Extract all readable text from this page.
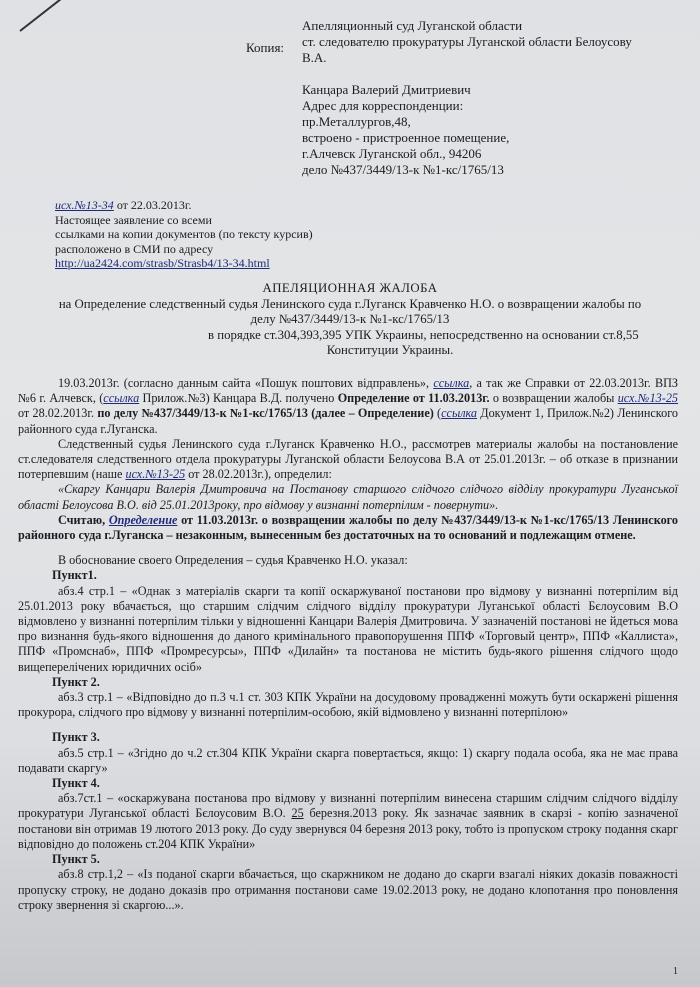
Копия:
Апелляционный суд Луганской области
ст. следователю прокуратуры Луганской области Белоусову
В.А.
Канцара Валерий Дмитриевич
Адрес для корреспонденции:
пр.Металлургов,48,
встроено - пристроенное помещение,
г.Алчевск Луганской обл., 94206
дело №437/3449/13-к №1-кс/1765/13
исх.№13-34 от 22.03.2013г.
Настоящее заявление со всеми
ссылками на копии документов (по тексту курсив)
расположено в СМИ по адресу
http://ua2424.com/strasb/Strasb4/13-34.html
АПЕЛЯЦИОННАЯ ЖАЛОБА
на Определение следственный судья Ленинского суда г.Луганск Кравченко Н.О. о возвращении жалобы по
делу №437/3449/13-к №1-кс/1765/13
в порядке ст.304,393,395 УПК Украины, непосредственно на основании ст.8,55
Конституции Украины.

19.03.2013г. (согласно данным сайта «Пошук поштових відправлень», ссылка, а так же Справки от 22.03.2013г. ВПЗ №6 г. Алчевск, (ссылка Прилож.№3) Канцара В.Д. получено Определение от 11.03.2013г. о возвращении жалобы исх.№13-25 от 28.02.2013г. по делу №437/3449/13-к №1-кс/1765/13 (далее – Определение) (ссылка Документ 1, Прилож.№2) Ленинского районного суда г.Луганска.

Следственный судья Ленинского суда г.Луганск Кравченко Н.О., рассмотрев материалы жалобы на постановление ст.следователя следственного отдела прокуратуры Луганской области Белоусова В.А от 25.01.2013г. – об отказе в признании потерпевшим (наше исх.№13-25 от 28.02.2013г.), определил:

«Скаргу Канцари Валерія Дмитровича на Постанову старшого слідчого слідчого відділу прокуратури Луганської області Белоусова В.О. від 25.01.2013року, про відмову у визнанні потерпілим - повернути».

Считаю, Определение от 11.03.2013г. о возвращении жалобы по делу №437/3449/13-к №1-кс/1765/13 Ленинского районного суда г.Луганска – незаконным, вынесенным без достаточных на то оснований и подлежащим отмене.

В обоснование своего Определения – судья Кравченко Н.О. указал:

Пункт1.

абз.4 стр.1 – «Однак з матеріалів скарги та копії оскаржуваної постанови про відмову у визнанні потерпілим від 25.01.2013 року вбачається, що старшим слідчим слідчого відділу прокуратури Луганської області Бєлоусовим В.О відмовлено у визнанні потерпілим тільки у відношенні Канцари Валерія Дмитровича. У зазначеній постанові не йдеться мова про визнання будь-якого відношення до даного кримінального правопорушення ППФ «Торговый центр», ППФ «Каллиста», ППФ «Промснаб», ППФ «Промресурсы», ППФ «Дилайн» та постанова не містить будь-якого рішення слідчого щодо вищеперелічених юридичних осіб»

Пункт 2.

абз.3 стр.1 – «Відповідно до п.3 ч.1 ст. 303 КПК України на досудовому провадженні можуть бути оскаржені рішення прокурора, слідчого про відмову у визнанні потерпілим-особою, якій відмовлено у визнанні потерпілою»

Пункт 3.

абз.5 стр.1 – «Згідно до ч.2 ст.304 КПК України скарга повертається, якщо: 1) скаргу подала особа, яка не має права подавати скаргу»

Пункт 4.

абз.7ст.1 – «оскаржувана постанова про відмову у визнанні потерпілим винесена старшим слідчим слідчого відділу прокуратури Луганської області Бєлоусовим В.О. 25 березня.2013 року. Як зазначає заявник в скарзі - копію зазначеної постанови він отримав 19 лютого 2013 року. До суду звернувся 04 березня 2013 року, тобто із пропуском строку подання скарг відповідно до положень ст.204 КПК України»

Пункт 5.

абз.8 стр.1,2 – «Із поданої скарги вбачається, що скаржником не додано до скарги взагалі ніяких доказів поважності пропуску строку, не додано доказів про отримання постанови саме 19.02.2013 року, не додано клопотання про поновлення строку звернення зі скаргою...».

1
